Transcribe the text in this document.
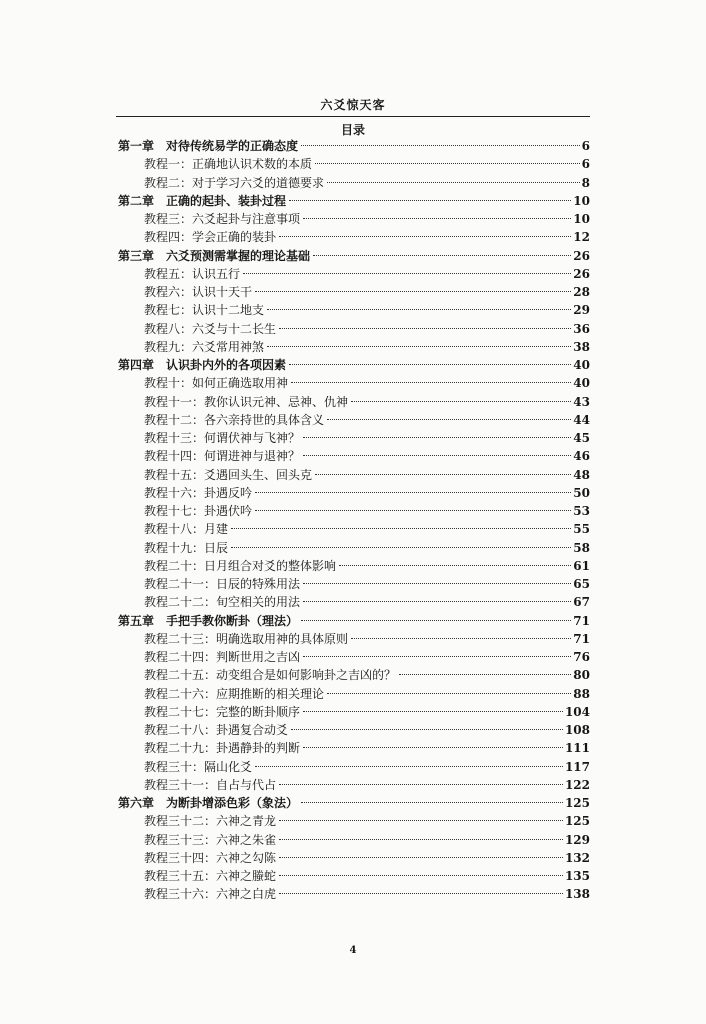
六爻惊天客
目录
第一章　对待传统易学的正确态度	6
教程一：正确地认识术数的本质	6
教程二：对于学习六爻的道德要求	8
第二章　正确的起卦、装卦过程	10
教程三：六爻起卦与注意事项	10
教程四：学会正确的装卦	12
第三章　六爻预测需掌握的理论基础	26
教程五：认识五行	26
教程六：认识十天干	28
教程七：认识十二地支	29
教程八：六爻与十二长生	36
教程九：六爻常用神煞	38
第四章　认识卦内外的各项因素	40
教程十：如何正确选取用神	40
教程十一：教你认识元神、忌神、仇神	43
教程十二：各六亲持世的具体含义	44
教程十三：何谓伏神与飞神？	45
教程十四：何谓进神与退神？	46
教程十五：爻遇回头生、回头克	48
教程十六：卦遇反吟	50
教程十七：卦遇伏吟	53
教程十八：月建	55
教程十九：日辰	58
教程二十：日月组合对爻的整体影响	61
教程二十一：日辰的特殊用法	65
教程二十二：旬空相关的用法	67
第五章　手把手教你断卦（理法）	71
教程二十三：明确选取用神的具体原则	71
教程二十四：判断世用之吉凶	76
教程二十五：动变组合是如何影响卦之吉凶的？	80
教程二十六：应期推断的相关理论	88
教程二十七：完整的断卦顺序	104
教程二十八：卦遇复合动爻	108
教程二十九：卦遇静卦的判断	111
教程三十：隔山化爻	117
教程三十一：自占与代占	122
第六章　为断卦增添色彩（象法）	125
教程三十二：六神之青龙	125
教程三十三：六神之朱雀	129
教程三十四：六神之勾陈	132
教程三十五：六神之螣蛇	135
教程三十六：六神之白虎	138
4
